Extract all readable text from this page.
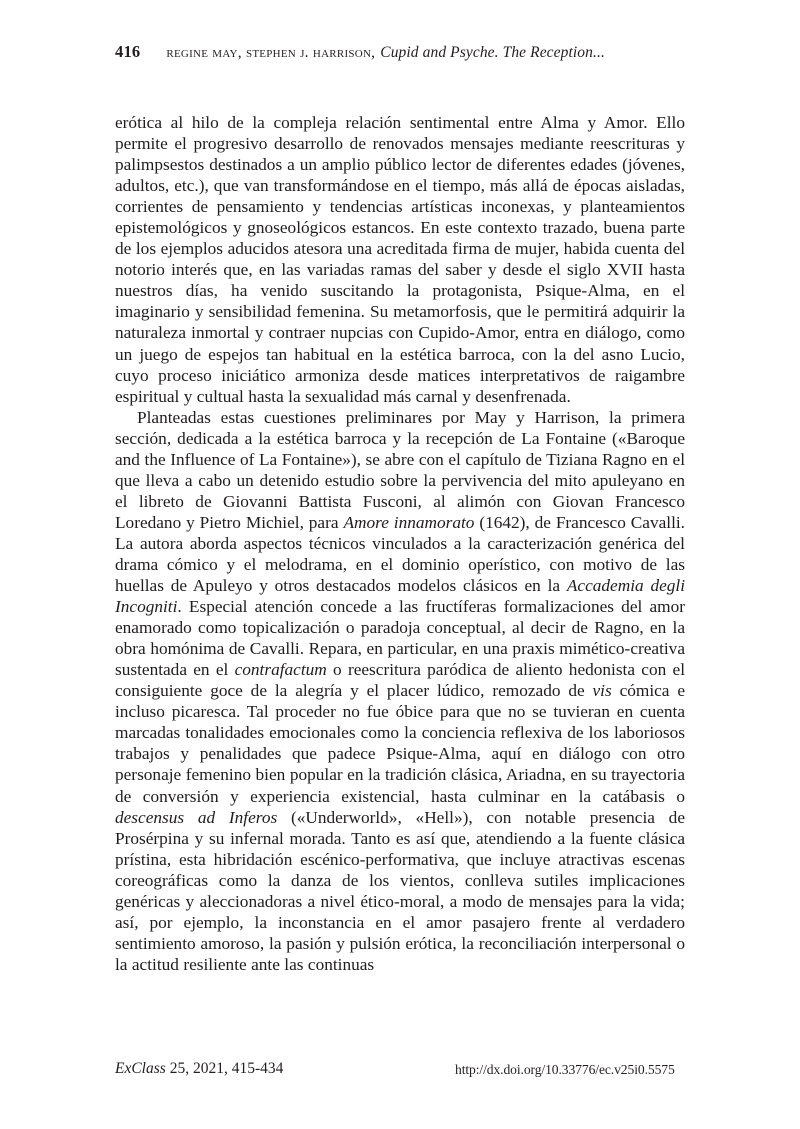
416 regine may, stephen j. harrison, Cupid and Psyche. The Reception...

erótica al hilo de la compleja relación sentimental entre Alma y Amor. Ello permite el progresivo desarrollo de renovados mensajes mediante reescrituras y palimpsestos destinados a un amplio público lector de diferentes edades (jóvenes, adultos, etc.), que van transformándose en el tiempo, más allá de épocas aisladas, corrientes de pensamiento y tendencias artísticas inconexas, y planteamientos epistemológicos y gnoseológicos estancos. En este contexto trazado, buena parte de los ejemplos aducidos atesora una acreditada firma de mujer, habida cuenta del notorio interés que, en las variadas ramas del saber y desde el siglo XVII hasta nuestros días, ha venido suscitando la protagonista, Psique-Alma, en el imaginario y sensibilidad femenina. Su metamorfosis, que le permitirá adquirir la naturaleza inmortal y contraer nupcias con Cupido-Amor, entra en diálogo, como un juego de espejos tan habitual en la estética barroca, con la del asno Lucio, cuyo proceso iniciático armoniza desde matices interpretativos de raigambre espiritual y cultual hasta la sexualidad más carnal y desenfrenada.

Planteadas estas cuestiones preliminares por May y Harrison, la primera sección, dedicada a la estética barroca y la recepción de La Fontaine («Baroque and the Influence of La Fontaine»), se abre con el capítulo de Tiziana Ragno en el que lleva a cabo un detenido estudio sobre la pervivencia del mito apuleyano en el libreto de Giovanni Battista Fusconi, al alimón con Giovan Francesco Loredano y Pietro Michiel, para Amore innamorato (1642), de Francesco Cavalli. La autora aborda aspectos técnicos vinculados a la caracterización genérica del drama cómico y el melodrama, en el dominio operístico, con motivo de las huellas de Apuleyo y otros destacados modelos clásicos en la Accademia degli Incogniti. Especial atención concede a las fructíferas formalizaciones del amor enamorado como topicalización o paradoja conceptual, al decir de Ragno, en la obra homónima de Cavalli. Repara, en particular, en una praxis mimético-creativa sustentada en el contrafactum o reescritura paródica de aliento hedonista con el consiguiente goce de la alegría y el placer lúdico, remozado de vis cómica e incluso picaresca. Tal proceder no fue óbice para que no se tuvieran en cuenta marcadas tonalidades emocionales como la conciencia reflexiva de los laboriosos trabajos y penalidades que padece Psique-Alma, aquí en diálogo con otro personaje femenino bien popular en la tradición clásica, Ariadna, en su trayectoria de conversión y experiencia existencial, hasta culminar en la catábasis o descensus ad Inferos («Underworld», «Hell»), con notable presencia de Prosérpina y su infernal morada. Tanto es así que, atendiendo a la fuente clásica prístina, esta hibridación escénico-performativa, que incluye atractivas escenas coreográficas como la danza de los vientos, conlleva sutiles implicaciones genéricas y aleccionadoras a nivel ético-moral, a modo de mensajes para la vida; así, por ejemplo, la inconstancia en el amor pasajero frente al verdadero sentimiento amoroso, la pasión y pulsión erótica, la reconciliación interpersonal o la actitud resiliente ante las continuas

ExClass 25, 2021, 415-434	http://dx.doi.org/10.33776/ec.v25i0.5575
